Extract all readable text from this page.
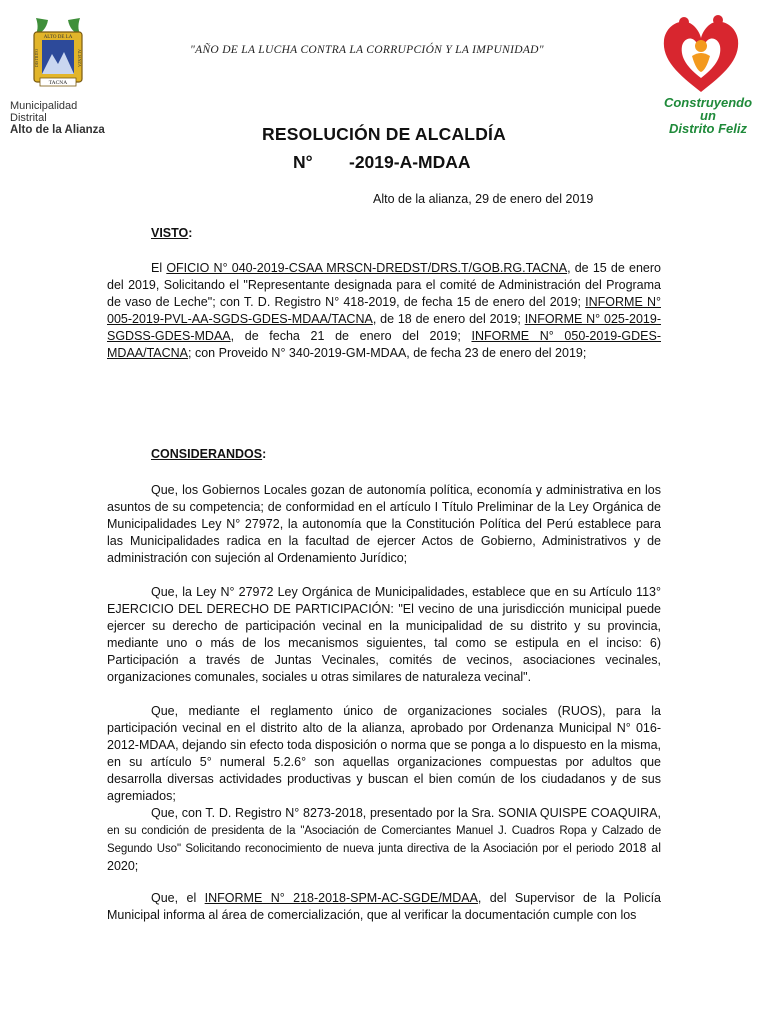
ALTO DE LA
DISTRITO	ALIANZA
TACNA
Municipalidad Distrital
Alto de la Alianza
"AÑO DE LA LUCHA CONTRA LA CORRUPCIÓN Y LA IMPUNIDAD"
Construyendo un
Distrito Feliz
RESOLUCIÓN DE ALCALDÍA
N° -2019-A-MDAA
Alto de la alianza, 29 de enero del 2019
VISTO:
El OFICIO N° 040-2019-CSAA MRSCN-DREDST/DRS.T/GOB.RG.TACNA, de 15 de enero del 2019, Solicitando el "Representante designada para el comité de Administración del Programa de vaso de Leche"; con T. D. Registro N° 418-2019, de fecha 15 de enero del 2019; INFORME N° 005-2019-PVL-AA-SGDS-GDES-MDAA/TACNA, de 18 de enero del 2019; INFORME N° 025-2019-SGDSS-GDES-MDAA, de fecha 21 de enero del 2019; INFORME N° 050-2019-GDES-MDAA/TACNA; con Proveido N° 340-2019-GM-MDAA, de fecha 23 de enero del 2019;
CONSIDERANDOS:
Que, los Gobiernos Locales gozan de autonomía política, economía y administrativa en los asuntos de su competencia; de conformidad en el artículo I Título Preliminar de la Ley Orgánica de Municipalidades Ley N° 27972, la autonomía que la Constitución Política del Perú establece para las Municipalidades radica en la facultad de ejercer Actos de Gobierno, Administrativos y de administración con sujeción al Ordenamiento Jurídico;
Que, la Ley N° 27972 Ley Orgánica de Municipalidades, establece que en su Artículo 113° EJERCICIO DEL DERECHO DE PARTICIPACIÓN: "El vecino de una jurisdicción municipal puede ejercer su derecho de participación vecinal en la municipalidad de su distrito y su provincia, mediante uno o más de los mecanismos siguientes, tal como se estipula en el inciso: 6) Participación a través de Juntas Vecinales, comités de vecinos, asociaciones vecinales, organizaciones comunales, sociales u otras similares de naturaleza vecinal".
Que, mediante el reglamento único de organizaciones sociales (RUOS), para la participación vecinal en el distrito alto de la alianza, aprobado por Ordenanza Municipal N° 016-2012-MDAA, dejando sin efecto toda disposición o norma que se ponga a lo dispuesto en la misma, en su artículo 5° numeral 5.2.6° son aquellas organizaciones compuestas por adultos que desarrolla diversas actividades productivas y buscan el bien común de los ciudadanos y de sus agremiados;
Que, con T. D. Registro N° 8273-2018, presentado por la Sra. SONIA QUISPE COAQUIRA, en su condición de presidenta de la "Asociación de Comerciantes Manuel J. Cuadros Ropa y Calzado de Segundo Uso" Solicitando reconocimiento de nueva junta directiva de la Asociación por el periodo 2018 al 2020;
Que, el INFORME N° 218-2018-SPM-AC-SGDE/MDAA, del Supervisor de la Policía Municipal informa al área de comercialización, que al verificar la documentación cumple con los
